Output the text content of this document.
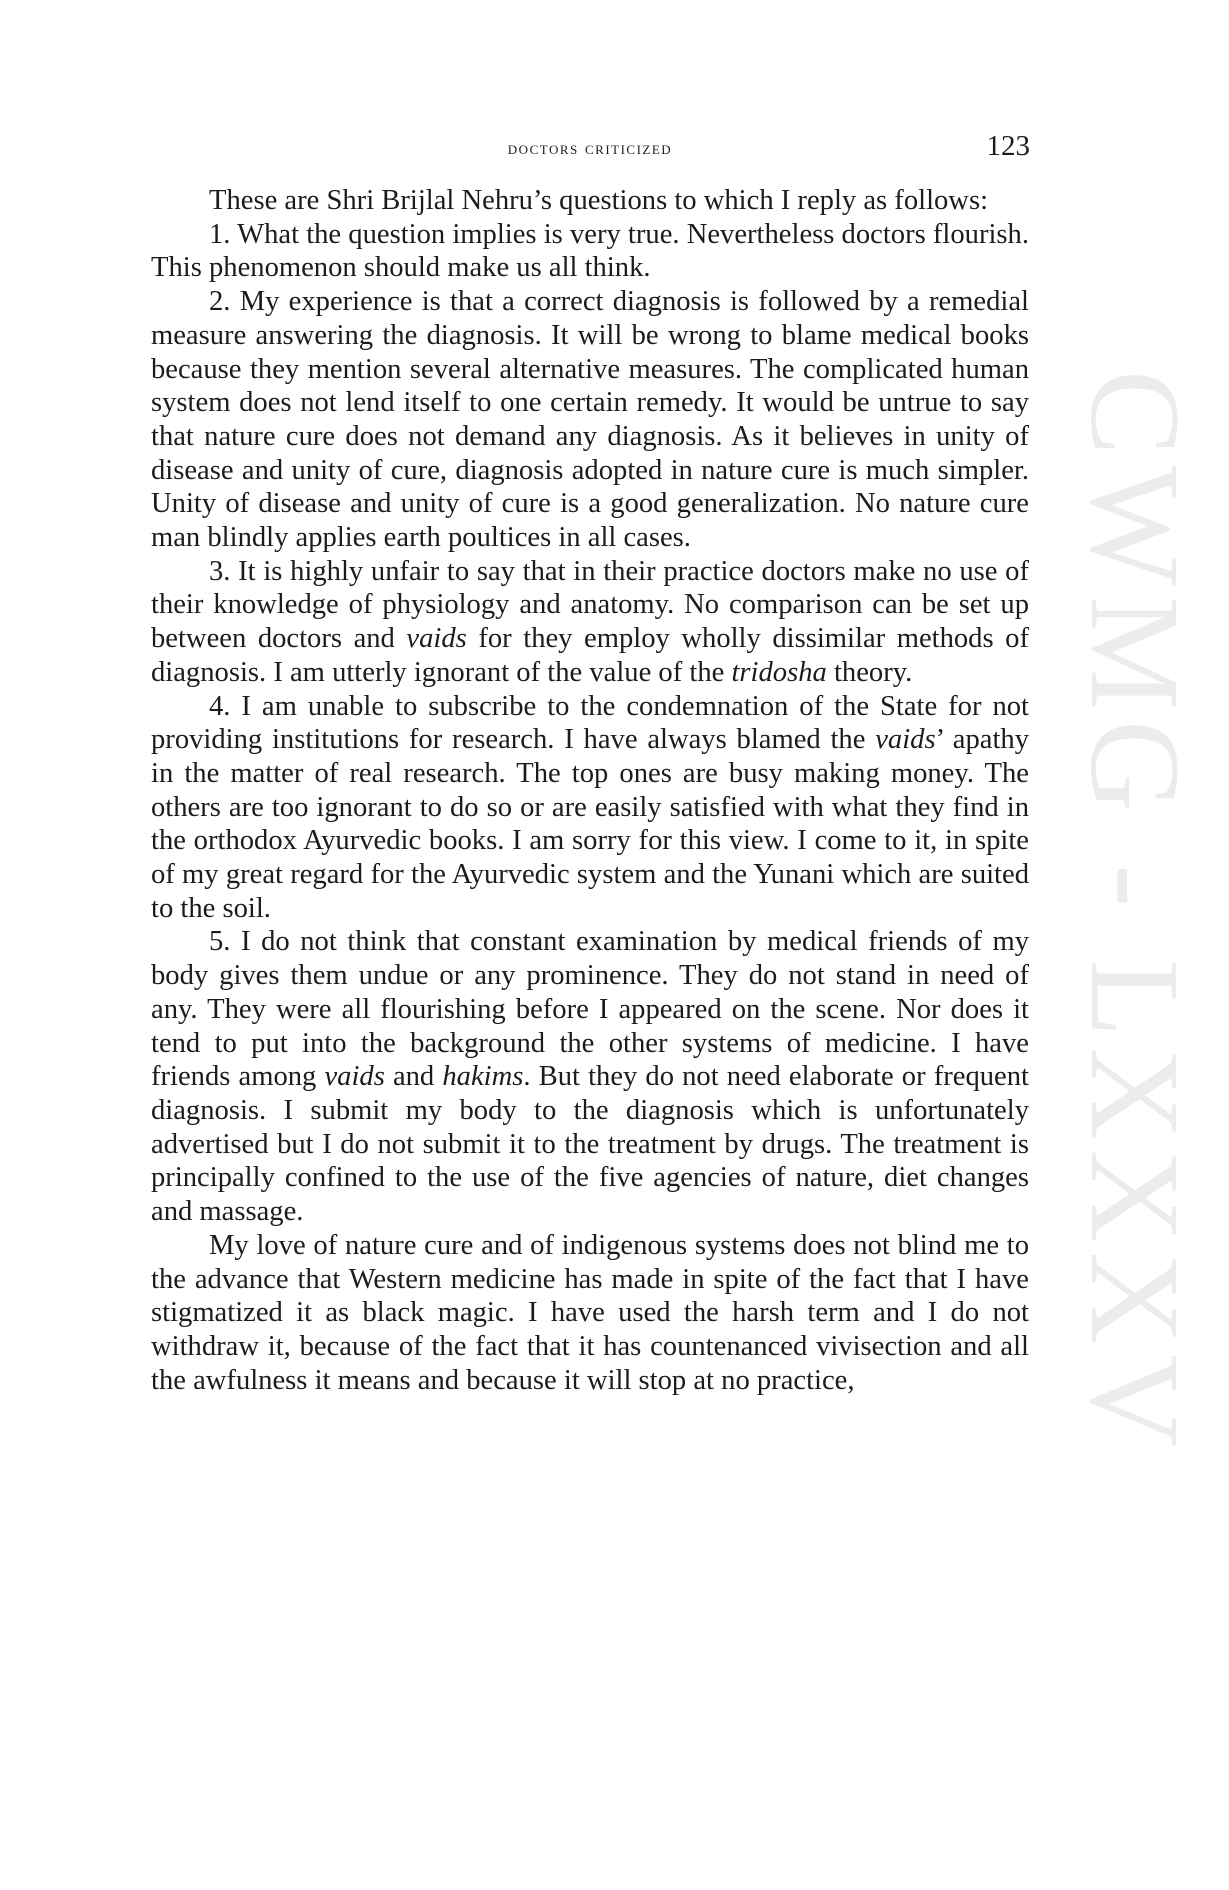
doctors criticized	123
CWMG - LXXXV

These are Shri Brijlal Nehru’s questions to which I reply as follows:

1. What the question implies is very true. Nevertheless doctors flourish. This phenomenon should make us all think.

2. My experience is that a correct diagnosis is followed by a remedial measure answering the diagnosis. It will be wrong to blame medical books because they mention several alternative measures. The complicated human system does not lend itself to one certain remedy. It would be untrue to say that nature cure does not demand any diagnosis. As it believes in unity of disease and unity of cure, diagnosis adopted in nature cure is much simpler. Unity of disease and unity of cure is a good generalization. No nature cure man blindly applies earth poultices in all cases.

3. It is highly unfair to say that in their practice doctors make no use of their knowledge of physiology and anatomy. No comparison can be set up between doctors and vaids for they employ wholly dissimilar methods of diagnosis. I am utterly ignorant of the value of the tridosha theory.

4. I am unable to subscribe to the condemnation of the State for not providing institutions for research. I have always blamed the vaids’ apathy in the matter of real research. The top ones are busy making money. The others are too ignorant to do so or are easily satisfied with what they find in the orthodox Ayurvedic books. I am sorry for this view. I come to it, in spite of my great regard for the Ayurvedic system and the Yunani which are suited to the soil.

5. I do not think that constant examination by medical friends of my body gives them undue or any prominence. They do not stand in need of any. They were all flourishing before I appeared on the scene. Nor does it tend to put into the background the other systems of medicine. I have friends among vaids and hakims. But they do not need elaborate or frequent diagnosis. I submit my body to the diagnosis which is unfortunately advertised but I do not submit it to the treatment by drugs. The treatment is principally confined to the use of the five agencies of nature, diet changes and massage.

My love of nature cure and of indigenous systems does not blind me to the advance that Western medicine has made in spite of the fact that I have stigmatized it as black magic. I have used the harsh term and I do not withdraw it, because of the fact that it has countenanced vivisection and all the awfulness it means and because it will stop at no practice,
